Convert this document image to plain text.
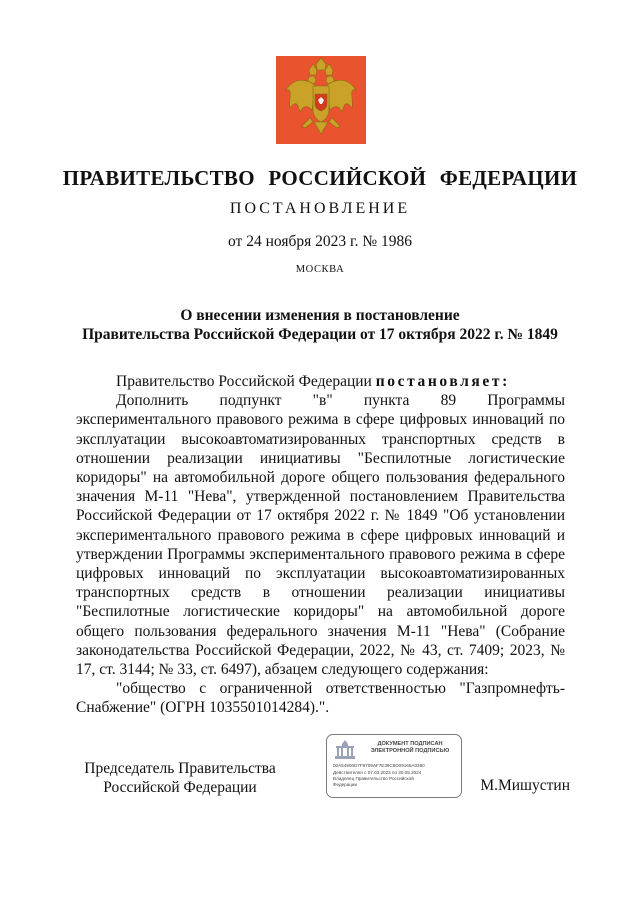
ПРАВИТЕЛЬСТВО РОССИЙСКОЙ ФЕДЕРАЦИИ
ПОСТАНОВЛЕНИЕ
от 24 ноября 2023 г. № 1986
МОСКВА
О внесении изменения в постановление
Правительства Российской Федерации от 17 октября 2022 г. № 1849

Правительство Российской Федерации постановляет:

Дополнить подпункт "в" пункта 89 Программы экспериментального правового режима в сфере цифровых инноваций по эксплуатации высокоавтоматизированных транспортных средств в отношении реализации инициативы "Беспилотные логистические коридоры" на автомобильной дороге общего пользования федерального значения М-11 "Нева", утвержденной постановлением Правительства Российской Федерации от 17 октября 2022 г. № 1849 "Об установлении экспериментального правового режима в сфере цифровых инноваций и утверждении Программы экспериментального правового режима в сфере цифровых инноваций по эксплуатации высокоавтоматизированных транспортных средств в отношении реализации инициативы "Беспилотные логистические коридоры" на автомобильной дороге общего пользования федерального значения М-11 "Нева" (Собрание законодательства Российской Федерации, 2022, № 43, ст. 7409; 2023, № 17, ст. 3144; № 33, ст. 6497), абзацем следующего содержания:

"общество с ограниченной ответственностью "Газпромнефть-Снабжение" (ОГРН 1035501014284).".

Председатель Правительства
Российской Федерации
ДОКУМЕНТ ПОДПИСАН
ЭЛЕКТРОННОЙ ПОДПИСЬЮ
00A54906D7F6709AF7E39C8D09166A0380
Действителен с 07.03.2023 по 30.05.2024
Владелец Правительство Российской
Федерации	М.Мишустин
